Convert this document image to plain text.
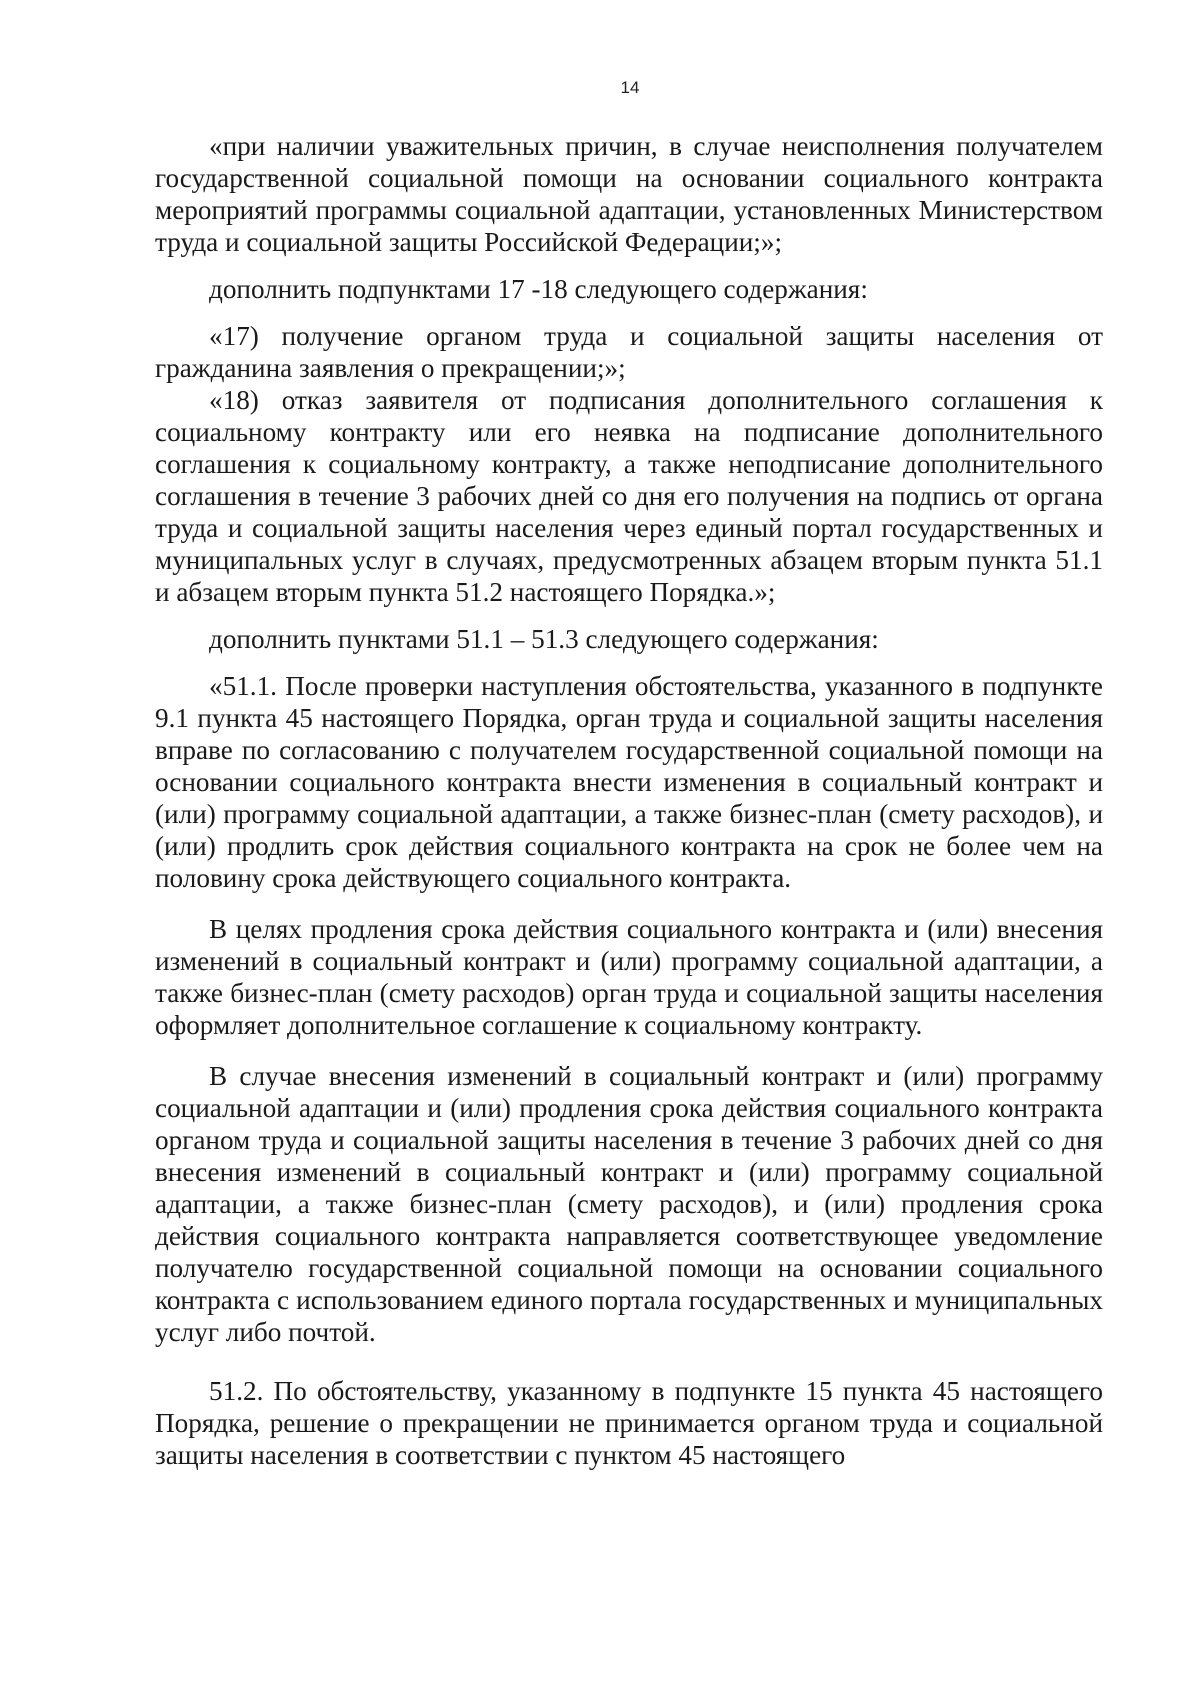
14

«при наличии уважительных причин, в случае неисполнения получателем государственной социальной помощи на основании социального контракта мероприятий программы социальной адаптации, установленных Министерством труда и социальной защиты Российской Федерации;»;

дополнить подпунктами 17 -18 следующего содержания:

«17) получение органом труда и социальной защиты населения от гражданина заявления о прекращении;»;

«18) отказ заявителя от подписания дополнительного соглашения к социальному контракту или его неявка на подписание дополнительного соглашения к социальному контракту, а также неподписание дополнительного соглашения в течение 3 рабочих дней со дня его получения на подпись от органа труда и социальной защиты населения через единый портал государственных и муниципальных услуг в случаях, предусмотренных абзацем вторым пункта 51.1 и абзацем вторым пункта 51.2 настоящего Порядка.»;

дополнить пунктами 51.1 – 51.3 следующего содержания:

«51.1. После проверки наступления обстоятельства, указанного в подпункте 9.1 пункта 45 настоящего Порядка, орган труда и социальной защиты населения вправе по согласованию с получателем государственной социальной помощи на основании социального контракта внести изменения в социальный контракт и (или) программу социальной адаптации, а также бизнес-план (смету расходов), и (или) продлить срок действия социального контракта на срок не более чем на половину срока действующего социального контракта.

В целях продления срока действия социального контракта и (или) внесения изменений в социальный контракт и (или) программу социальной адаптации, а также бизнес-план (смету расходов) орган труда и социальной защиты населения оформляет дополнительное соглашение к социальному контракту.

В случае внесения изменений в социальный контракт и (или) программу социальной адаптации и (или) продления срока действия социального контракта органом труда и социальной защиты населения в течение 3 рабочих дней со дня внесения изменений в социальный контракт и (или) программу социальной адаптации, а также бизнес-план (смету расходов), и (или) продления срока действия социального контракта направляется соответствующее уведомление получателю государственной социальной помощи на основании социального контракта с использованием единого портала государственных и муниципальных услуг либо почтой.

51.2. По обстоятельству, указанному в подпункте 15 пункта 45 настоящего Порядка, решение о прекращении не принимается органом труда и социальной защиты населения в соответствии с пунктом 45 настоящего
